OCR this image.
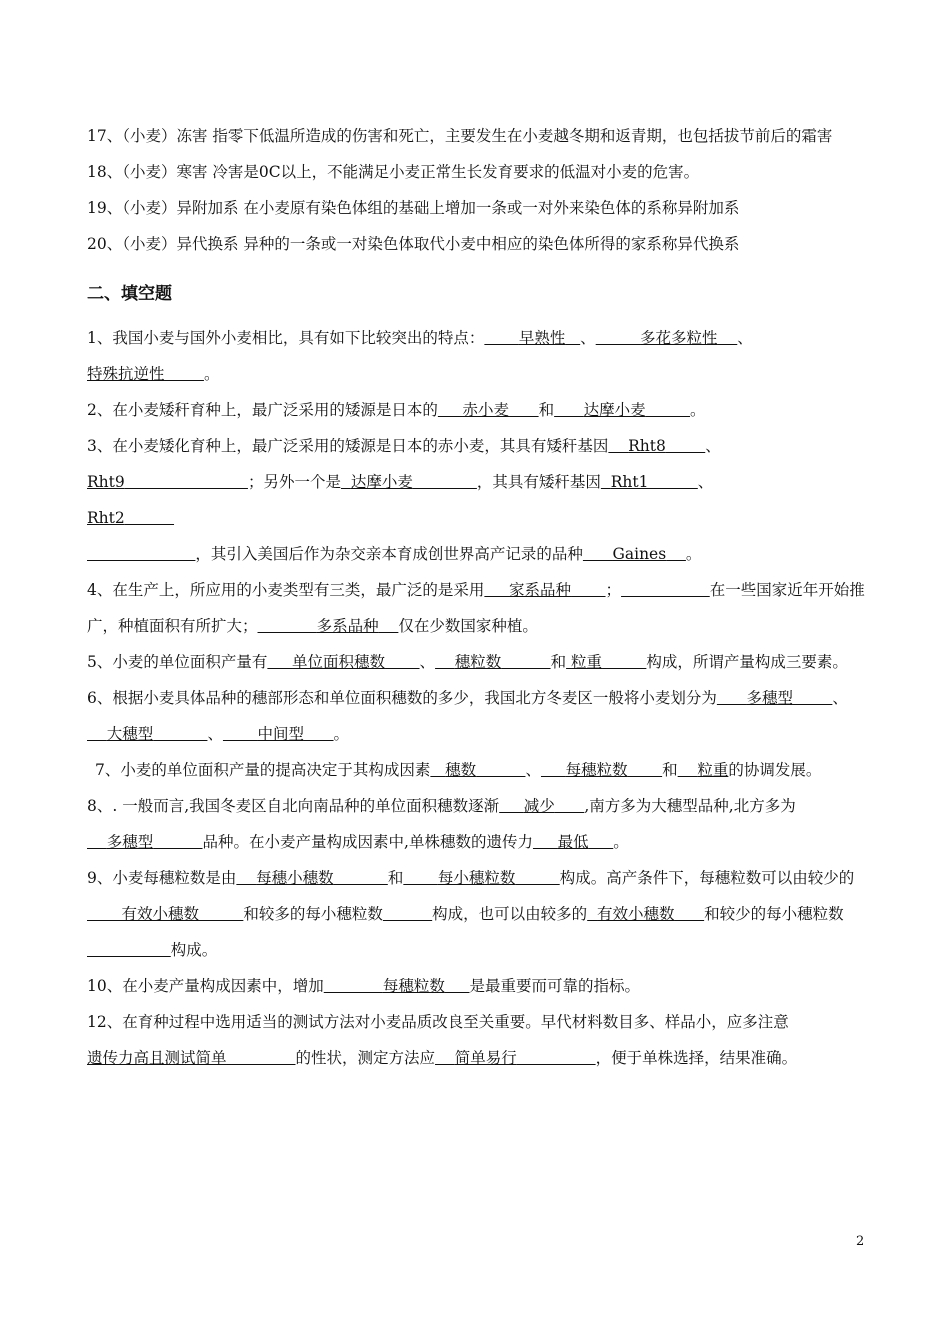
17、（小麦）冻害 指零下低温所造成的伤害和死亡，主要发生在小麦越冬期和返青期，也包括拔节前后的霜害

18、（小麦）寒害 冷害是0C以上，不能满足小麦正常生长发育要求的低温对小麦的危害。

19、（小麦）异附加系 在小麦原有染色体组的基础上增加一条或一对外来染色体的系称异附加系

20、（小麦）异代换系 异种的一条或一对染色体取代小麦中相应的染色体所得的家系称异代换系

二、填空题

1、我国小麦与国外小麦相比，具有如下比较突出的特点： 早熟性 、	多花多粒性 、特殊抗逆性	。

2、在小麦矮秆育种上，最广泛采用的矮源是日本的 赤小麦 和 达摩小麦	。

3、在小麦矮化育种上，最广泛采用的矮源是日本的赤小麦，其具有矮秆基因 Rht8	、
Rht9	；另外一个是 达摩小麦	，其具有矮秆基因 Rht1	、
Rht2
，其引入美国后作为杂交亲本育成创世界高产记录的品种 Gaines 。

4、在生产上，所应用的小麦类型有三类，最广泛的是采用 家系品种 ；	在一些国家近年开始推广，种植面积有所扩大；	多系品种 仅在少数国家种植。

5、小麦的单位面积产量有 单位面积穗数 、 穗粒数	和 粒重	构成，所谓产量构成三要素。

6、根据小麦具体品种的穗部形态和单位面积穗数的多少，我国北方冬麦区一般将小麦划分为 多穗型	、    大穗型	、 中间型 。

7、小麦的单位面积产量的提高决定于其构成因素 穗数	、 每穗粒数 和 粒重的协调发展。

8、. 一般而言,我国冬麦区自北向南品种的单位面积穗数逐渐 减少 ,南方多为大穗型品种,北方多为    多穗型	品种。在小麦产量构成因素中,单株穗数的遗传力 最低 。

9、小麦每穗粒数是由 每穗小穗数	和 每小穗粒数	构成。高产条件下，每穗粒数可以由较少的       有效小穗数	和较多的每小穗粒数	构成，也可以由较多的 有效小穗数 和较少的每小穗粒数                 构成。

10、在小麦产量构成因素中，增加	每穗粒数 是最重要而可靠的指标。

12、在育种过程中选用适当的测试方法对小麦品质改良至关重要。早代材料数目多、样品小，应多注意遗传力高且测试简单	的性状，测定方法应 简单易行	，便于单株选择，结果准确。

2
